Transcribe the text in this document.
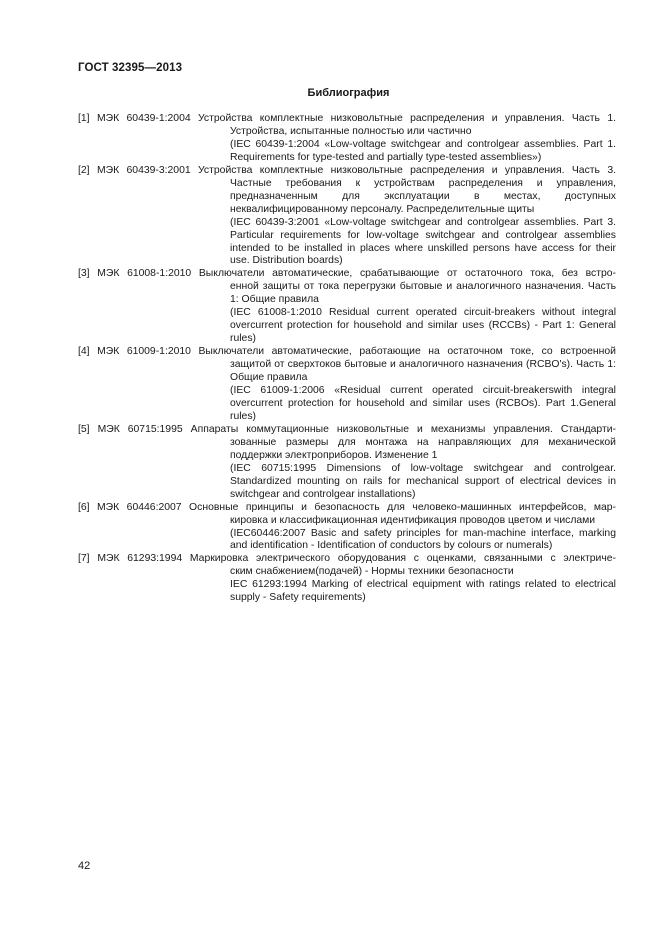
ГОСТ 32395—2013
Библиография
[1] МЭК 60439-1:2004 Устройства комплектные низковольтные распределения и управления. Часть 1.
Устройства, испытанные полностью или частично
(IEC 60439-1:2004 «Low-voltage switchgear and controlgear assemblies. Part 1. Requirements for type-tested and partially type-tested assemblies»)
[2] МЭК 60439-3:2001 Устройства комплектные низковольтные распределения и управления. Часть 3.
Частные требования к устройствам распределения и управления, предназначенным для эксплуатации в местах, доступных неквалифицированному персоналу. Распределительные щиты
(IEC 60439-3:2001 «Low-voltage switchgear and controlgear assemblies. Part 3. Particular requirements for low-voltage switchgear and controlgear assemblies intended to be installed in places where unskilled persons have access for their use. Distribution boards)
[3] МЭК 61008-1:2010 Выключатели автоматические, срабатывающие от остаточного тока, без встро-
енной защиты от тока перегрузки бытовые и аналогичного назначения. Часть 1: Общие правила
(IEC 61008-1:2010 Residual current operated circuit-breakers without integral overcurrent protection for household and similar uses (RCCBs) - Part 1: General rules)
[4] МЭК 61009-1:2010 Выключатели автоматические, работающие на остаточном токе, со встроенной
защитой от сверхтоков бытовые и аналогичного назначения (RCBO's). Часть 1: Общие правила
(IEC 61009-1:2006 «Residual current operated circuit-breakerswith integral overcurrent protection for household and similar uses (RCBOs). Part 1.General rules)
[5] МЭК 60715:1995 Аппараты коммутационные низковольтные и механизмы управления. Стандарти-
зованные размеры для монтажа на направляющих для механической поддержки электроприборов. Изменение 1
(IEC 60715:1995 Dimensions of low-voltage switchgear and controlgear. Standardized mounting on rails for mechanical support of electrical devices in switchgear and controlgear installations)
[6] МЭК 60446:2007 Основные принципы и безопасность для человеко-машинных интерфейсов, мар-
кировка и классификационная идентификация проводов цветом и числами
(IEC60446:2007 Basic and safety principles for man-machine interface, marking and identification - Identification of conductors by colours or numerals)
[7] МЭК 61293:1994 Маркировка электрического оборудования с оценками, связанными с электриче-
ским снабжением(подачей) - Нормы техники безопасности
IEC 61293:1994 Marking of electrical equipment with ratings related to electrical supply - Safety requirements)
42
